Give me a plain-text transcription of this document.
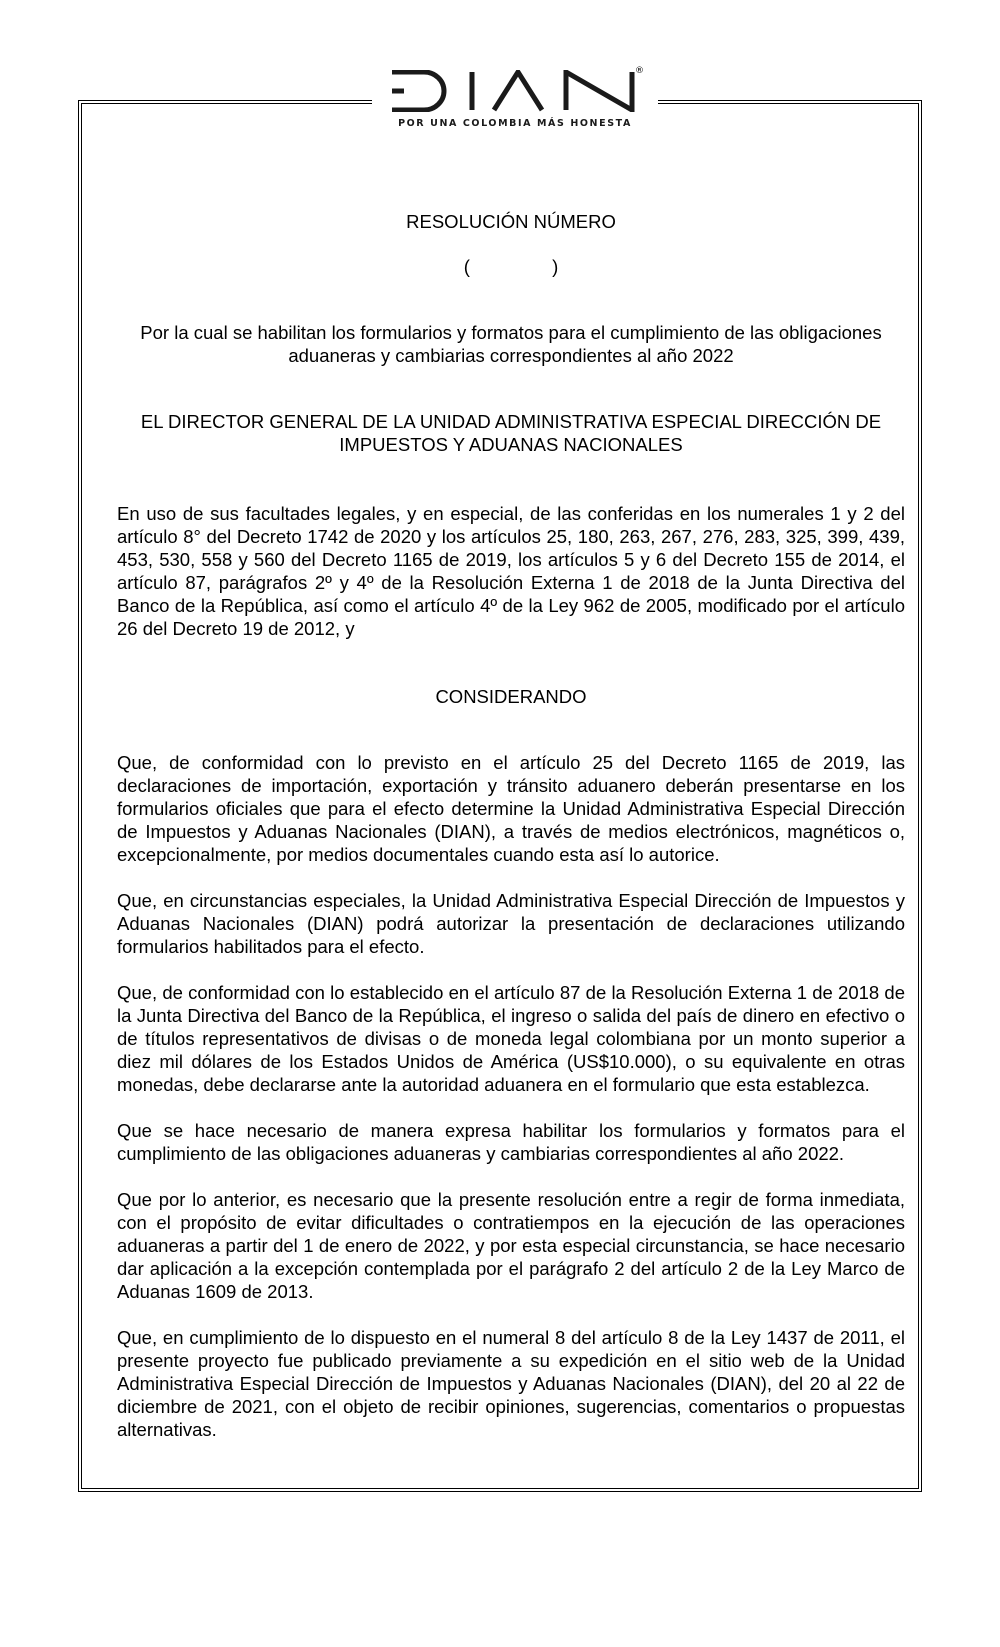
POR UNA COLOMBIA MÁS HONESTA
®

RESOLUCIÓN NÚMERO

(                )

Por la cual se habilitan los formularios y formatos para el cumplimiento de las obligaciones aduaneras y cambiarias correspondientes al año 2022

EL DIRECTOR GENERAL DE LA UNIDAD ADMINISTRATIVA ESPECIAL DIRECCIÓN DE IMPUESTOS Y ADUANAS NACIONALES

En uso de sus facultades legales, y en especial, de las conferidas en los numerales 1 y 2 del artículo 8° del Decreto 1742 de 2020 y los artículos 25, 180, 263, 267, 276, 283, 325, 399, 439, 453, 530, 558 y 560 del Decreto 1165 de 2019, los artículos 5 y 6 del Decreto 155 de 2014, el artículo 87, parágrafos 2º y 4º de la Resolución Externa 1 de 2018 de la Junta Directiva del Banco de la República, así como el artículo 4º de la Ley 962 de 2005, modificado por el artículo 26 del Decreto 19 de 2012, y

CONSIDERANDO

Que, de conformidad con lo previsto en el artículo 25 del Decreto 1165 de 2019, las declaraciones de importación, exportación y tránsito aduanero deberán presentarse en los formularios oficiales que para el efecto determine la Unidad Administrativa Especial Dirección de Impuestos y Aduanas Nacionales (DIAN), a través de medios electrónicos, magnéticos o, excepcionalmente, por medios documentales cuando esta así lo autorice.

Que, en circunstancias especiales, la Unidad Administrativa Especial Dirección de Impuestos y Aduanas Nacionales (DIAN) podrá autorizar la presentación de declaraciones utilizando formularios habilitados para el efecto.

Que, de conformidad con lo establecido en el artículo 87 de la Resolución Externa 1 de 2018 de la Junta Directiva del Banco de la República, el ingreso o salida del país de dinero en efectivo o de títulos representativos de divisas o de moneda legal colombiana por un monto superior a diez mil dólares de los Estados Unidos de América (US$10.000), o su equivalente en otras monedas, debe declararse ante la autoridad aduanera en el formulario que esta establezca.

Que se hace necesario de manera expresa habilitar los formularios y formatos para el cumplimiento de las obligaciones aduaneras y cambiarias correspondientes al año 2022.

Que por lo anterior, es necesario que la presente resolución entre a regir de forma inmediata, con el propósito de evitar dificultades o contratiempos en la ejecución de las operaciones aduaneras a partir del 1 de enero de 2022, y por esta especial circunstancia, se hace necesario dar aplicación a la excepción contemplada por el parágrafo 2 del artículo 2 de la Ley Marco de Aduanas 1609 de 2013.

Que, en cumplimiento de lo dispuesto en el numeral 8 del artículo 8 de la Ley 1437 de 2011, el presente proyecto fue publicado previamente a su expedición en el sitio web de la Unidad Administrativa Especial Dirección de Impuestos y Aduanas Nacionales (DIAN), del 20 al 22 de diciembre de 2021, con el objeto de recibir opiniones, sugerencias, comentarios o propuestas alternativas.
